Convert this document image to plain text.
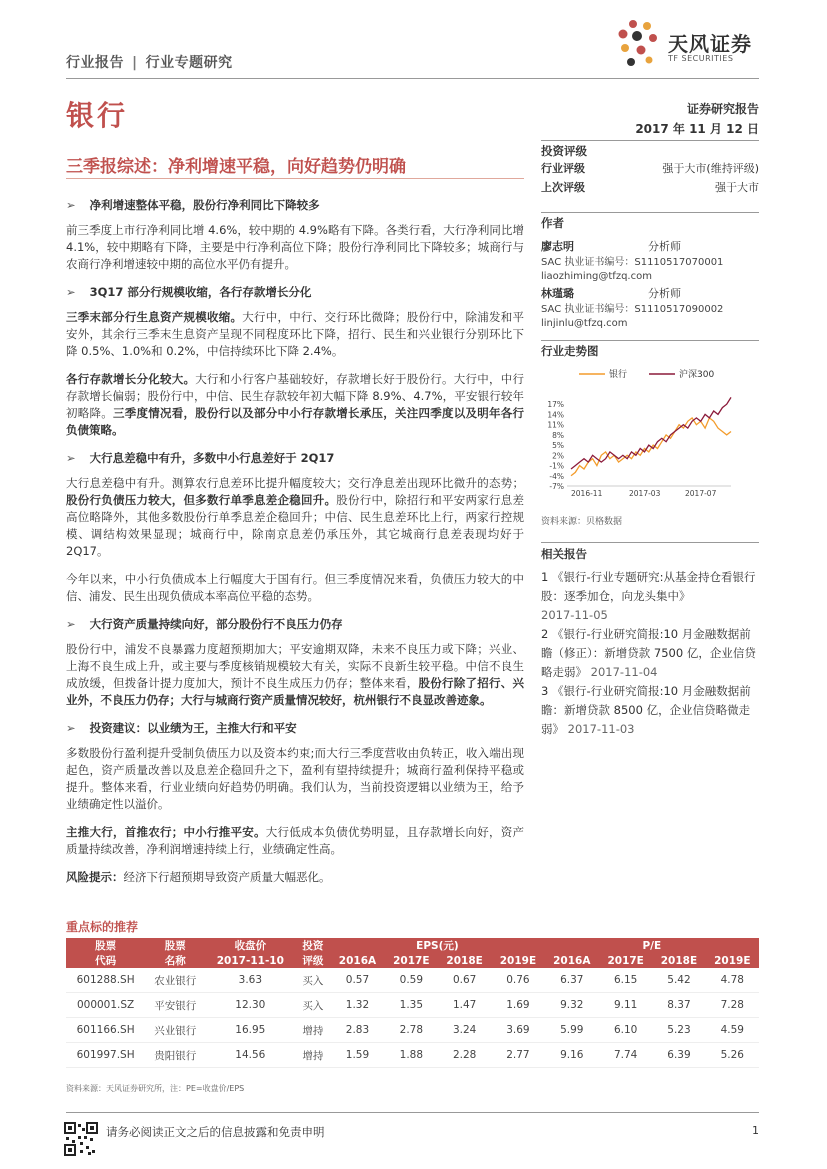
行业报告 | 行业专题研究
天风证券
TF SECURITIES
银行	证券研究报告
2017 年 11 月 12 日
三季报综述：净利增速平稳，向好趋势仍明确
➢ 净利增速整体平稳，股份行净利同比下降较多

前三季度上市行净利同比增 4.6%，较中期的 4.9%略有下降。各类行看，大行净利同比增 4.1%，较中期略有下降，主要是中行净利高位下降；股份行净利同比下降较多；城商行与农商行净利增速较中期的高位水平仍有提升。

➢ 3Q17 部分行规模收缩，各行存款增长分化

三季末部分行生息资产规模收缩。大行中，中行、交行环比微降；股份行中，除浦发和平安外，其余行三季末生息资产呈现不同程度环比下降，招行、民生和兴业银行分别环比下降 0.5%、1.0%和 0.2%，中信持续环比下降 2.4%。

各行存款增长分化较大。大行和小行客户基础较好，存款增长好于股份行。大行中，中行存款增长偏弱；股份行中，中信、民生存款较年初大幅下降 8.9%、4.7%，平安银行较年初略降。三季度情况看，股份行以及部分中小行存款增长承压，关注四季度以及明年各行负债策略。

➢ 大行息差稳中有升，多数中小行息差好于 2Q17

大行息差稳中有升。测算农行息差环比提升幅度较大；交行净息差出现环比微升的态势；股份行负债压力较大，但多数行单季息差企稳回升。股份行中，除招行和平安两家行息差高位略降外，其他多数股份行单季息差企稳回升；中信、民生息差环比上行，两家行控规模、调结构效果显现；城商行中，除南京息差仍承压外，其它城商行息差表现均好于 2Q17。

今年以来，中小行负债成本上行幅度大于国有行。但三季度情况来看，负债压力较大的中信、浦发、民生出现负债成本率高位平稳的态势。

➢ 大行资产质量持续向好，部分股份行不良压力仍存

股份行中，浦发不良暴露力度超预期加大；平安逾期双降，未来不良压力或下降；兴业、上海不良生成上升，或主要与季度核销规模较大有关，实际不良新生较平稳。中信不良生成放缓，但拨备计提力度加大，预计不良生成压力仍存；整体来看，股份行除了招行、兴业外，不良压力仍存；大行与城商行资产质量情况较好，杭州银行不良显改善迹象。

➢ 投资建议：以业绩为王，主推大行和平安

多数股份行盈利提升受制负债压力以及资本约束;而大行三季度营收由负转正，收入端出现起色，资产质量改善以及息差企稳回升之下，盈利有望持续提升；城商行盈利保持平稳或提升。整体来看，行业业绩向好趋势仍明确。我们认为，当前投资逻辑以业绩为王，给予业绩确定性以溢价。

主推大行，首推农行；中小行推平安。大行低成本负债优势明显，且存款增长向好，资产质量持续改善，净利润增速持续上行，业绩确定性高。

风险提示：经济下行超预期导致资产质量大幅恶化。

投资评级
行业评级	强于大市(维持评级)
上次评级	强于大市
作者
廖志明	分析师
SAC 执业证书编号：S1110517070001
liaozhiming@tfzq.com
林瑾璐	分析师
SAC 执业证书编号：S1110517090002
linjinlu@tfzq.com
行业走势图
银行	沪深300
17%
14%
11%
8%
5%
2%
-1%
-4%
-7%
2016-11	2017-03	2017-07
资料来源：贝格数据
相关报告
1 《银行-行业专题研究:从基金持仓看银行股：逐季加仓，向龙头集中》
2017-11-05
2 《银行-行业研究简报:10 月金融数据前瞻（修正）：新增贷款 7500 亿，企业信贷略走弱》 2017-11-04
3 《银行-行业研究简报:10 月金融数据前瞻：新增贷款 8500 亿，企业信贷略微走弱》 2017-11-03
重点标的推荐
股票	股票	收盘价	投资	EPS(元)				P/E			
代码	名称	2017-11-10	评级	2016A	2017E	2018E	2019E	2016A	2017E	2018E	2019E
601288.SH	农业银行	3.63	买入	0.57	0.59	0.67	0.76	6.37	6.15	5.42	4.78
000001.SZ	平安银行	12.30	买入	1.32	1.35	1.47	1.69	9.32	9.11	8.37	7.28
601166.SH	兴业银行	16.95	增持	2.83	2.78	3.24	3.69	5.99	6.10	5.23	4.59
601997.SH	贵阳银行	14.56	增持	1.59	1.88	2.28	2.77	9.16	7.74	6.39	5.26
资料来源：天风证券研究所，注：PE=收盘价/EPS
请务必阅读正文之后的信息披露和免责申明	1
